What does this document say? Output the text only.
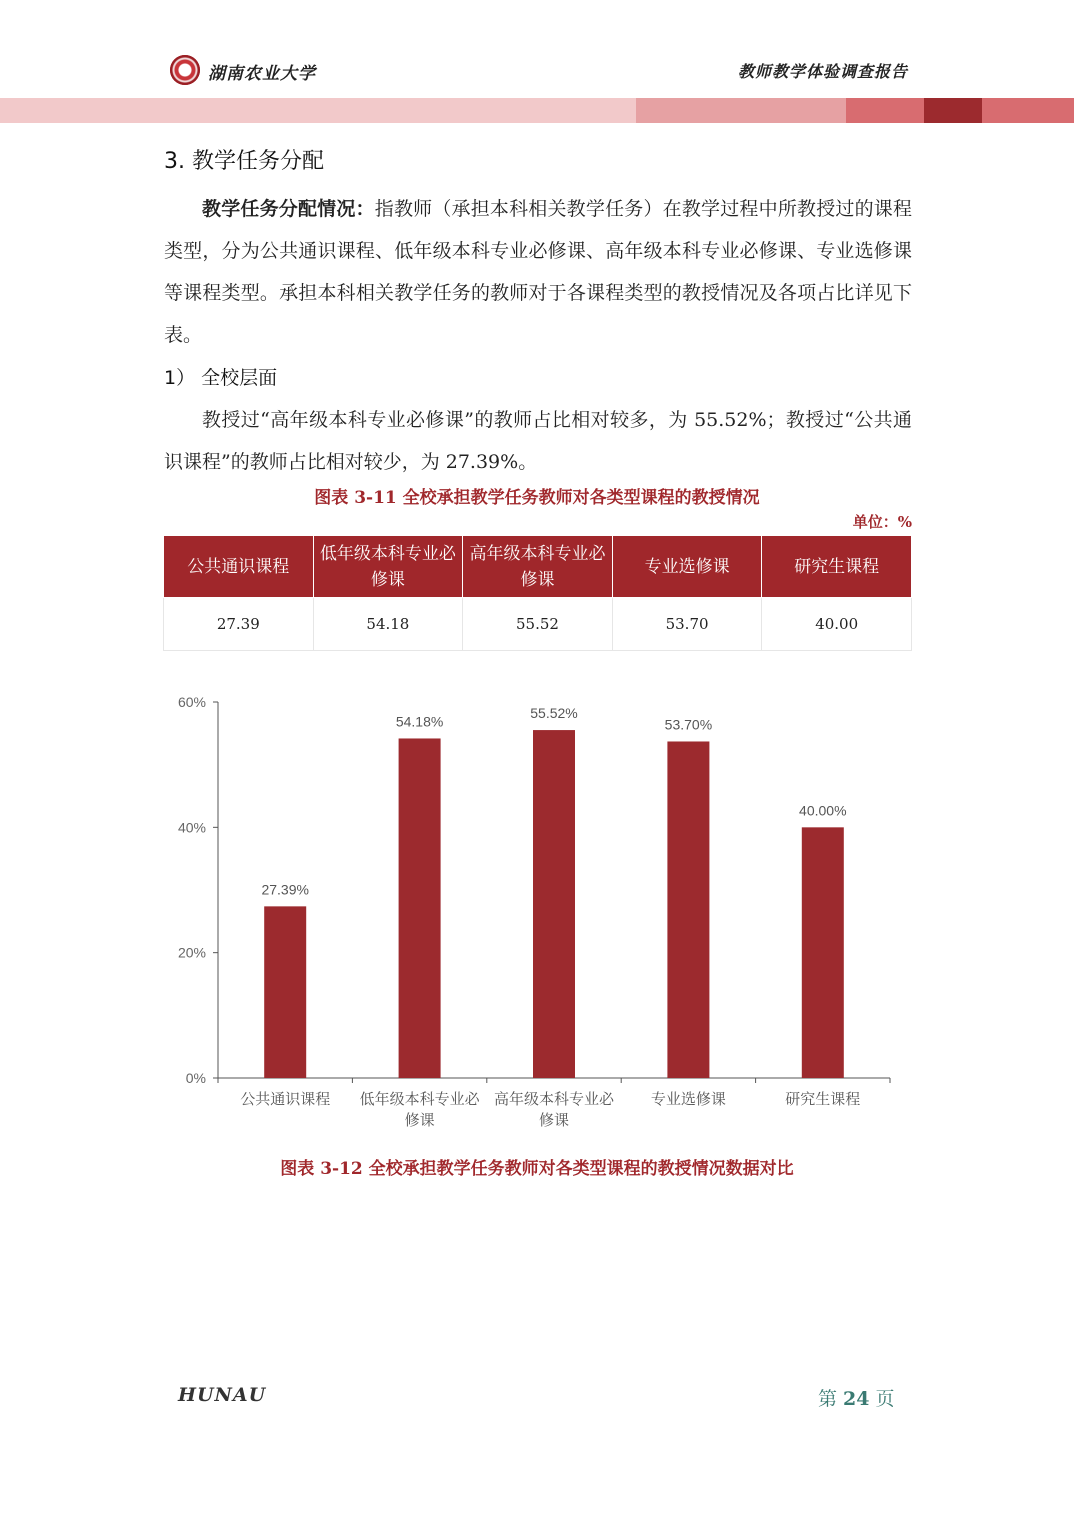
湖南农业大学	教师教学体验调查报告
3. 教学任务分配
教学任务分配情况：指教师（承担本科相关教学任务）在教学过程中所教授过的课程类型，分为公共通识课程、低年级本科专业必修课、高年级本科专业必修课、专业选修课等课程类型。承担本科相关教学任务的教师对于各课程类型的教授情况及各项占比详见下表。
1） 全校层面
教授过“高年级本科专业必修课”的教师占比相对较多，为 55.52%；教授过“公共通识课程”的教师占比相对较少，为 27.39%。
图表 3-11 全校承担教学任务教师对各类型课程的教授情况
单位：%
公共通识课程	低年级本科专业必修课	高年级本科专业必修课	专业选修课	研究生课程
27.39	54.18	55.52	53.70	40.00
0%
20%
40%
60%
27.39%
公共通识课程
54.18%
低年级本科专业必
修课
55.52%
高年级本科专业必
修课
53.70%
专业选修课
40.00%
研究生课程
图表 3-12 全校承担教学任务教师对各类型课程的教授情况数据对比
HUNAU	第 24 页
